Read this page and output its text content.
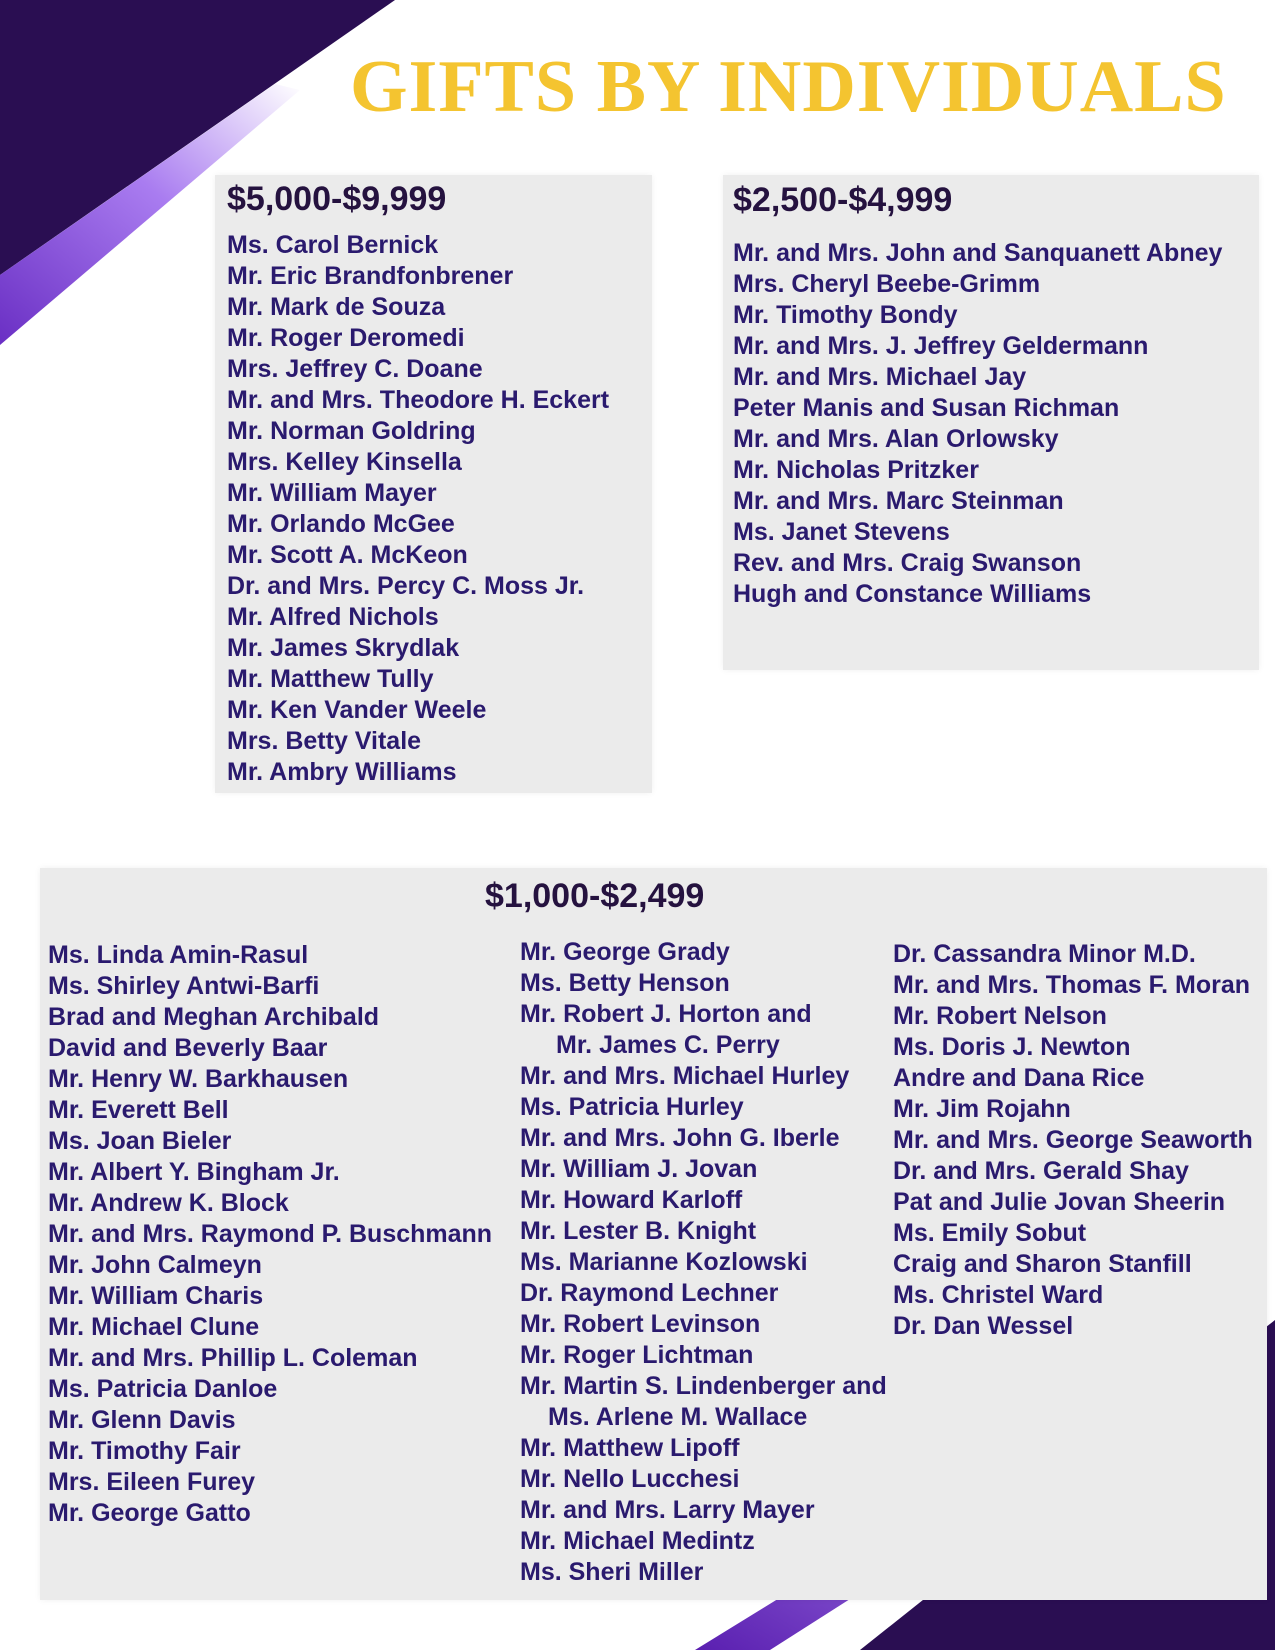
GIFTS BY INDIVIDUALS
$5,000-$9,999
Ms. Carol Bernick
Mr. Eric Brandfonbrener
Mr. Mark de Souza
Mr. Roger Deromedi
Mrs. Jeffrey C. Doane
Mr. and Mrs. Theodore H. Eckert
Mr. Norman Goldring
Mrs. Kelley Kinsella
Mr. William Mayer
Mr. Orlando McGee
Mr. Scott A. McKeon
Dr. and Mrs. Percy C. Moss Jr.
Mr. Alfred Nichols
Mr. James Skrydlak
Mr. Matthew Tully
Mr. Ken Vander Weele
Mrs. Betty Vitale
Mr. Ambry Williams
$2,500-$4,999
Mr. and Mrs. John and Sanquanett Abney
Mrs. Cheryl Beebe-Grimm
Mr. Timothy Bondy
Mr. and Mrs. J. Jeffrey Geldermann
Mr. and Mrs. Michael Jay
Peter Manis and Susan Richman
Mr. and Mrs. Alan Orlowsky
Mr. Nicholas Pritzker
Mr. and Mrs. Marc Steinman
Ms. Janet Stevens
Rev. and Mrs. Craig Swanson
Hugh and Constance Williams
$1,000-$2,499
Ms. Linda Amin-Rasul
Ms. Shirley Antwi-Barfi
Brad and Meghan Archibald
David and Beverly Baar
Mr. Henry W. Barkhausen
Mr. Everett Bell
Ms. Joan Bieler
Mr. Albert Y. Bingham Jr.
Mr. Andrew K. Block
Mr. and Mrs. Raymond P. Buschmann
Mr. John Calmeyn
Mr. William Charis
Mr. Michael Clune
Mr. and Mrs. Phillip L. Coleman
Ms. Patricia Danloe
Mr. Glenn Davis
Mr. Timothy Fair
Mrs. Eileen Furey
Mr. George Gatto
Mr. George Grady
Ms. Betty Henson
Mr. Robert J. Horton and
Mr. James C. Perry
Mr. and Mrs. Michael Hurley
Ms. Patricia Hurley
Mr. and Mrs. John G. Iberle
Mr. William J. Jovan
Mr. Howard Karloff
Mr. Lester B. Knight
Ms. Marianne Kozlowski
Dr. Raymond Lechner
Mr. Robert Levinson
Mr. Roger Lichtman
Mr. Martin S. Lindenberger and
Ms. Arlene M. Wallace
Mr. Matthew Lipoff
Mr. Nello Lucchesi
Mr. and Mrs. Larry Mayer
Mr. Michael Medintz
Ms. Sheri Miller
Dr. Cassandra Minor M.D.
Mr. and Mrs. Thomas F. Moran
Mr. Robert Nelson
Ms. Doris J. Newton
Andre and Dana Rice
Mr. Jim Rojahn
Mr. and Mrs. George Seaworth
Dr. and Mrs. Gerald Shay
Pat and Julie Jovan Sheerin
Ms. Emily Sobut
Craig and Sharon Stanfill
Ms. Christel Ward
Dr. Dan Wessel
